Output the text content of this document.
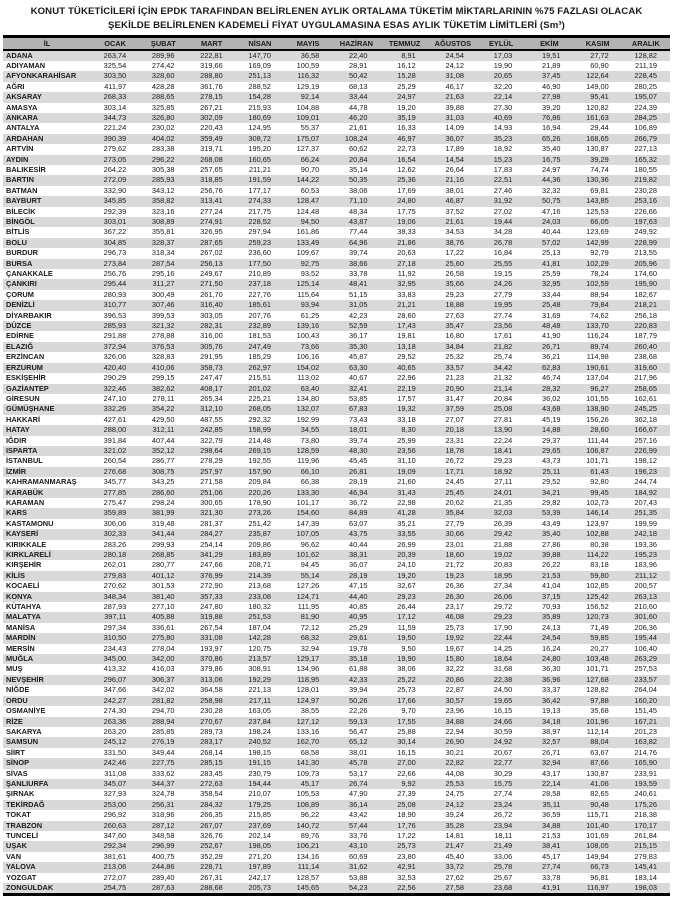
KONUT TÜKETİCİLERİ İÇİN EPDK TARAFINDAN BELİRLENEN AYLIK ORTALAMA TÜKETİM MİKTARLARININ %75 FAZLASI OLACAK
ŞEKİLDE BELİRLENEN KADEMELİ FİYAT UYGULAMASINA ESAS AYLIK TÜKETİM LİMİTLERİ (Sm³)
İL	OCAK	ŞUBAT	MART	NİSAN	MAYIS	HAZİRAN	TEMMUZ	AĞUSTOS	EYLÜL	EKİM	KASIM	ARALIK
ADANA	263,74	289,96	222,81	147,70	36,58	22,40	8,91	24,54	17,03	19,51	27,72	128,82
ADIYAMAN	325,54	274,42	319,66	169,09	100,59	28,91	16,12	24,12	19,90	21,89	60,90	211,19
AFYONKARAHİSAR	303,50	328,60	288,80	251,13	116,32	50,42	15,28	31,08	20,65	37,45	122,64	228,45
AĞRI	411,97	428,28	361,76	288,52	129,19	68,13	25,29	46,17	32,20	46,90	149,00	280,25
AKSARAY	268,33	288,65	278,15	154,28	92,14	33,44	24,97	21,63	22,14	27,98	95,41	195,07
AMASYA	303,14	325,85	267,21	215,93	104,88	44,78	19,20	39,88	27,30	39,20	120,82	224,39
ANKARA	344,73	326,80	302,09	180,69	109,01	46,20	35,19	31,03	40,69	76,86	161,63	284,25
ANTALYA	221,24	230,02	220,43	124,95	55,37	21,61	16,33	14,09	14,93	16,94	29,44	106,89
ARDAHAN	390,39	404,02	359,49	308,72	175,07	108,24	46,97	36,07	35,23	65,26	168,65	266,79
ARTVİN	279,62	283,38	319,71	195,20	127,37	60,62	22,73	17,89	18,92	35,40	130,87	227,13
AYDIN	273,05	296,22	268,08	160,65	66,24	20,84	16,54	14,54	15,23	16,75	39,29	165,32
BALIKESİR	264,22	305,38	257,65	211,21	90,70	35,14	12,62	26,64	17,83	24,97	74,74	180,55
BARTIN	272,09	285,93	318,85	191,59	144,22	50,35	25,36	21,16	22,51	44,36	130,36	219,82
BATMAN	332,90	343,12	256,76	177,17	60,53	38,06	17,69	38,01	27,46	32,32	69,81	230,28
BAYBURT	345,85	358,82	313,41	274,33	128,47	71,10	24,80	46,87	31,92	50,75	143,85	253,16
BİLECİK	292,39	323,16	277,24	217,75	124,48	48,34	17,75	37,52	27,02	47,16	125,53	226,66
BİNGÖL	303,01	308,89	274,91	228,52	94,50	43,87	19,06	21,61	19,44	24,03	66,05	197,63
BİTLİS	367,22	355,81	326,95	297,94	161,86	77,44	38,33	34,53	34,28	40,44	123,69	249,92
BOLU	304,85	328,37	287,65	259,23	133,49	64,96	21,86	38,76	26,78	57,02	142,99	228,99
BURDUR	296,73	318,34	267,02	236,60	109,67	39,74	20,63	17,22	16,84	25,13	92,79	213,55
BURSA	273,84	287,54	256,13	177,50	92,75	38,66	27,18	25,60	25,55	41,81	102,29	205,96
ÇANAKKALE	256,76	295,16	249,67	210,89	93,52	33,78	11,92	26,58	19,15	25,59	78,24	174,60
ÇANKIRI	295,44	311,27	271,50	237,18	125,14	48,41	32,95	35,66	24,26	32,95	102,59	195,90
ÇORUM	280,93	300,49	261,70	227,76	115,64	51,15	33,83	29,23	27,79	33,44	88,94	182,67
DENİZLİ	310,77	307,46	316,40	185,61	93,94	31,05	21,21	18,88	19,95	25,48	79,84	218,21
DİYARBAKIR	396,53	399,53	303,05	207,76	61,25	42,23	28,60	27,63	27,74	31,69	74,62	256,18
DÜZCE	285,93	321,32	282,31	232,89	139,16	52,59	17,43	35,47	23,56	48,48	133,70	220,83
EDİRNE	291,88	278,88	316,00	181,53	100,43	36,17	19,81	16,80	17,61	41,90	116,24	187,79
ELAZIĞ	372,94	376,53	305,76	247,49	73,66	35,30	13,18	34,84	21,82	26,71	89,74	260,40
ERZİNCAN	326,06	328,83	291,95	185,29	106,16	45,87	29,52	25,32	25,74	36,21	114,98	238,68
ERZURUM	420,40	410,06	358,73	262,97	154,02	63,30	40,65	33,57	34,42	62,83	190,61	319,60
ESKİŞEHİR	290,29	299,15	247,47	215,51	113,02	40,67	22,96	21,23	21,32	46,74	137,04	217,96
GAZİANTEP	322,46	382,62	408,17	201,02	63,40	32,41	22,19	20,90	21,14	28,32	96,27	258,65
GİRESUN	247,10	278,11	265,34	225,21	134,80	53,85	17,57	31,47	20,84	36,02	101,55	162,61
GÜMÜŞHANE	332,26	354,22	312,10	268,05	132,07	67,83	19,32	37,59	25,08	43,68	138,90	245,25
HAKKARİ	427,61	429,50	487,55	292,32	192,99	73,43	33,18	27,07	27,81	45,19	156,26	362,18
HATAY	288,00	312,11	242,85	158,99	34,55	18,01	8,30	20,18	13,90	14,88	28,60	166,67
IĞDIR	391,84	407,44	322,79	214,48	73,80	39,74	25,99	23,31	22,24	29,37	111,44	257,16
ISPARTA	321,02	352,12	298,64	269,15	128,59	48,30	23,56	18,78	18,41	29,65	106,87	226,99
İSTANBUL	260,54	286,77	278,29	192,55	119,96	45,45	31,10	26,72	29,23	43,73	101,71	198,12
İZMİR	276,68	308,75	257,97	157,90	66,10	26,81	19,09	17,71	18,92	25,11	61,43	196,23
KAHRAMANMARAŞ	345,77	343,25	271,58	209,84	66,38	28,19	21,60	24,45	27,11	29,52	92,80	244,74
KARABÜK	277,85	286,60	251,06	220,26	133,30	46,94	31,43	25,45	24,01	34,21	99,45	184,92
KARAMAN	275,47	298,24	300,65	178,90	101,17	36,72	22,98	20,62	21,35	29,82	102,73	207,43
KARS	359,89	381,99	321,30	273,26	154,60	84,89	41,28	35,84	32,03	53,39	146,14	251,35
KASTAMONU	306,06	319,48	281,37	251,42	147,39	63,07	35,21	27,79	26,39	43,49	123,97	199,99
KAYSERİ	302,33	341,44	284,27	235,87	107,05	43,75	33,55	30,66	29,42	35,40	102,88	242,18
KIRIKKALE	283,26	299,93	254,14	209,86	96,62	40,44	26,99	23,01	21,88	27,86	80,38	193,36
KIRKLARELİ	280,18	268,85	341,29	183,89	101,62	38,31	20,39	18,60	19,02	39,88	114,22	195,23
KIRŞEHİR	262,01	280,77	247,66	208,71	94,45	36,07	24,10	21,72	20,83	26,22	83,18	183,96
KİLİS	279,83	401,12	376,99	214,39	55,14	28,19	19,20	19,23	18,95	21,53	59,80	211,12
KOCAELİ	270,62	301,53	272,90	213,68	127,26	47,15	32,67	26,36	27,34	41,04	102,85	200,57
KONYA	348,34	381,40	357,33	233,08	124,71	44,40	29,23	26,30	26,06	37,15	125,42	263,13
KÜTAHYA	287,93	277,10	247,80	180,32	111,95	40,85	26,44	23,17	29,72	70,93	156,52	210,60
MALATYA	397,11	405,88	319,88	251,53	81,90	40,95	17,12	46,08	29,23	35,89	120,73	301,60
MANİSA	297,34	336,61	267,54	187,04	72,12	25,29	11,59	25,73	17,90	24,13	71,49	206,36
MARDİN	310,50	275,80	331,08	142,28	68,32	29,61	19,50	19,92	22,44	24,54	59,85	195,44
MERSİN	234,43	278,04	193,97	120,75	32,94	19,78	9,50	19,67	14,25	16,24	20,27	106,40
MUĞLA	345,00	342,00	370,86	213,57	129,17	35,18	19,90	15,80	18,64	24,80	103,48	263,29
MUŞ	413,32	416,03	379,86	308,91	134,96	61,88	38,06	32,22	31,68	36,30	101,71	257,53
NEVŞEHİR	296,07	306,37	313,06	192,29	118,95	42,33	25,22	20,86	22,38	36,96	127,68	233,57
NİĞDE	347,66	342,02	364,58	221,13	128,01	39,94	25,73	22,87	24,50	33,37	128,82	264,04
ORDU	242,27	281,82	258,98	217,11	124,97	50,26	17,66	30,57	19,65	36,42	97,88	160,20
OSMANİYE	274,30	294,70	230,28	163,05	38,55	22,26	9,70	23,96	16,15	19,13	35,68	151,45
RİZE	263,36	288,94	270,67	237,84	127,12	59,13	17,55	34,88	24,66	34,18	101,96	167,21
SAKARYA	263,20	285,85	289,73	198,24	133,16	56,47	25,88	22,94	30,59	38,97	112,14	201,23
SAMSUN	245,12	276,19	283,17	240,52	162,70	65,12	30,14	26,90	24,92	32,57	88,04	163,82
SİİRT	331,50	349,44	268,14	198,15	68,58	38,01	16,15	30,21	20,67	26,71	63,67	214,76
SİNOP	242,46	227,75	285,15	191,15	141,30	45,78	27,00	22,82	22,77	32,94	87,66	165,90
SİVAS	311,08	333,62	283,45	230,79	109,73	53,17	22,66	44,08	30,29	43,17	130,87	233,91
ŞANLIURFA	345,07	344,37	272,63	194,44	45,17	26,74	9,92	25,53	15,75	22,14	41,06	193,59
ŞIRNAK	327,93	324,78	358,54	210,07	105,53	47,90	27,39	24,75	27,74	28,58	82,65	240,61
TEKİRDAĞ	253,00	256,31	284,32	179,25	108,89	36,14	25,08	24,12	23,24	35,11	90,48	175,26
TOKAT	296,92	318,96	266,35	215,85	96,22	43,42	18,90	39,24	26,72	36,59	115,71	218,38
TRABZON	260,63	287,12	267,07	237,69	140,72	57,44	17,76	35,28	23,94	34,88	101,40	170,17
TUNCELİ	347,60	348,58	326,76	202,14	89,76	33,76	17,22	14,81	18,11	21,53	101,69	261,84
UŞAK	292,34	296,99	252,67	198,05	106,21	43,10	25,73	21,47	21,49	38,41	108,05	215,15
VAN	381,61	400,75	352,29	271,20	134,16	60,69	23,80	45,40	33,06	45,17	149,94	279,83
YALOVA	213,06	244,86	228,71	197,89	111,14	31,62	42,91	33,72	25,78	27,74	66,73	145,41
YOZGAT	272,07	289,40	267,31	242,17	128,57	53,88	32,53	27,62	25,67	33,78	96,81	183,14
ZONGULDAK	254,75	287,63	288,68	205,73	145,65	54,23	22,56	27,58	23,68	41,91	116,97	198,03
